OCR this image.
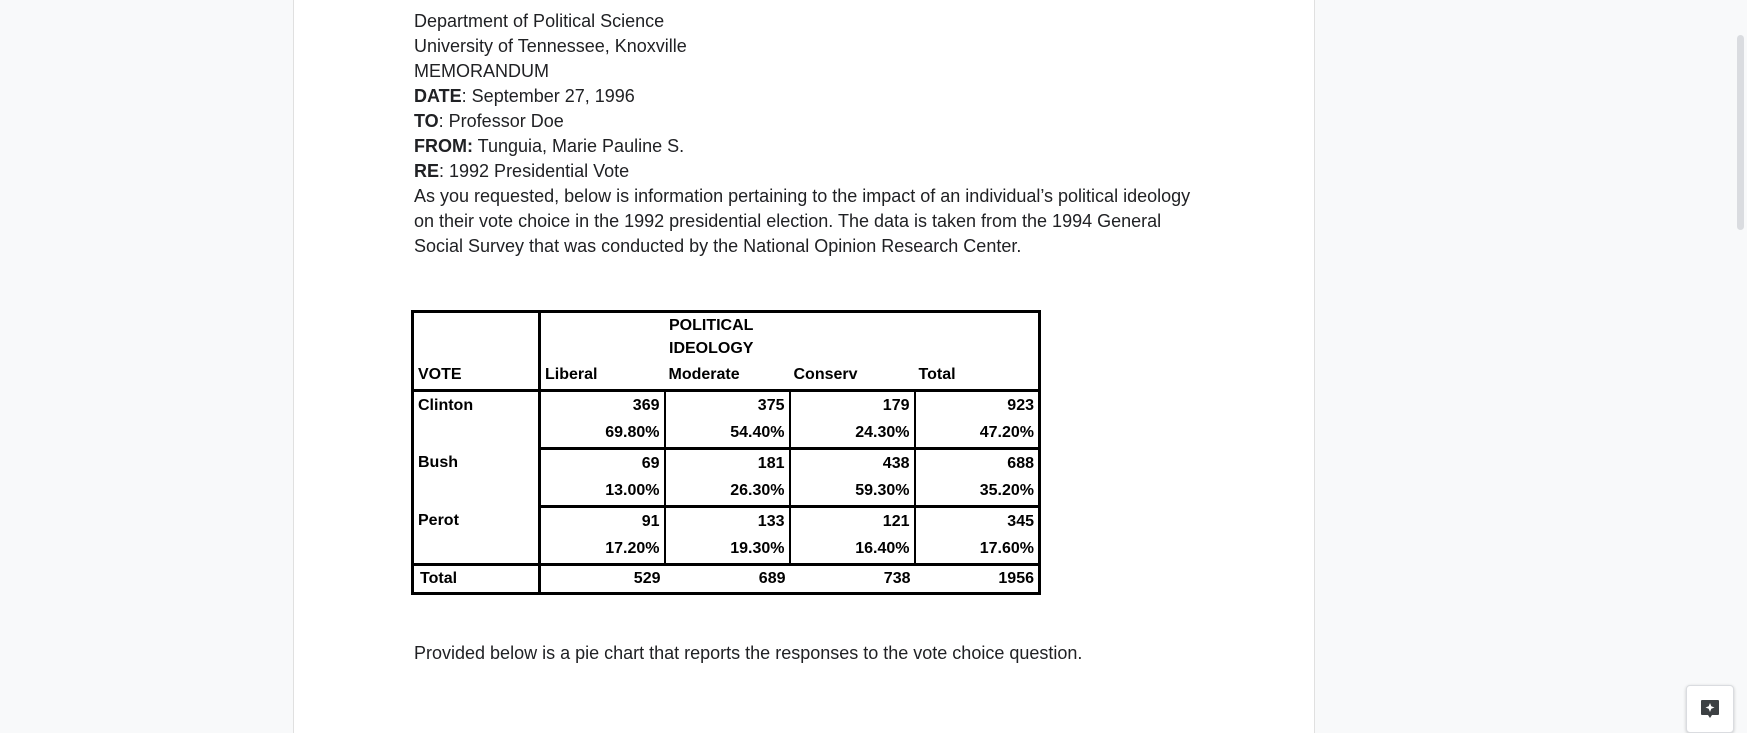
Department of Political Science
University of Tennessee, Knoxville
MEMORANDUM
DATE: September 27, 1996
TO: Professor Doe
FROM: Tunguia, Marie Pauline S.
RE: 1992 Presidential Vote
As you requested, below is information pertaining to the impact of an individual’s political ideology on their vote choice in the 1992 presidential election. The data is taken from the 1994 General Social Survey that was conducted by the National Opinion Research Center.

	POLITICAL
IDEOLOGY			

VOTE	Liberal	Moderate	Conserv	Total
Clinton	369	375	179	923
	69.80%	54.40%	24.30%	47.20%
Bush	69	181	438	688
	13.00%	26.30%	59.30%	35.20%
Perot	91	133	121	345
	17.20%	19.30%	16.40%	17.60%
Total	529	689	738	1956
Provided below is a pie chart that reports the responses to the vote choice question.
